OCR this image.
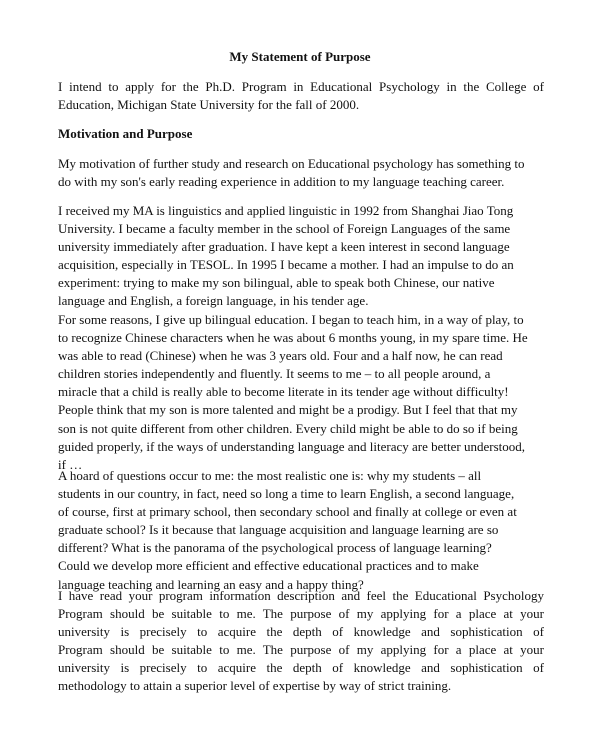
My Statement of Purpose
I intend to apply for the Ph.D. Program in Educational Psychology in the College of
Education, Michigan State University for the fall of 2000.
Motivation and Purpose
My motivation of further study and research on Educational psychology has something to
do with my son's early reading experience in addition to my language teaching career.
I received my MA is linguistics and applied linguistic in 1992 from Shanghai Jiao Tong
University. I became a faculty member in the school of Foreign Languages of the same
university immediately after graduation. I have kept a keen interest in second language
acquisition, especially in TESOL. In 1995 I became a mother. I had an impulse to do an
experiment: trying to make my son bilingual, able to speak both Chinese, our native
language and English, a foreign language, in his tender age.
For some reasons, I give up bilingual education. I began to teach him, in a way of play, to
to recognize Chinese characters when he was about 6 months young, in my spare time. He
was able to read (Chinese) when he was 3 years old. Four and a half now, he can read
children stories independently and fluently. It seems to me – to all people around, a
miracle that a child is really able to become literate in its tender age without difficulty!
People think that my son is more talented and might be a prodigy. But I feel that that my
son is not quite different from other children. Every child might be able to do so if being
guided properly, if the ways of understanding language and literacy are better understood,
if …
A hoard of questions occur to me: the most realistic one is: why my students – all
students in our country, in fact, need so long a time to learn English, a second language,
of course, first at primary school, then secondary school and finally at college or even at
graduate school? Is it because that language acquisition and language learning are so
different? What is the panorama of the psychological process of language learning?
Could we develop more efficient and effective educational practices and to make
language teaching and learning an easy and a happy thing?
I have read your program information description and feel the Educational Psychology
Program should be suitable to me. The purpose of my applying for a place at your
university is precisely to acquire the depth of knowledge and sophistication of
Program should be suitable to me. The purpose of my applying for a place at your
university is precisely to acquire the depth of knowledge and sophistication of
methodology to attain a superior level of expertise by way of strict training.
